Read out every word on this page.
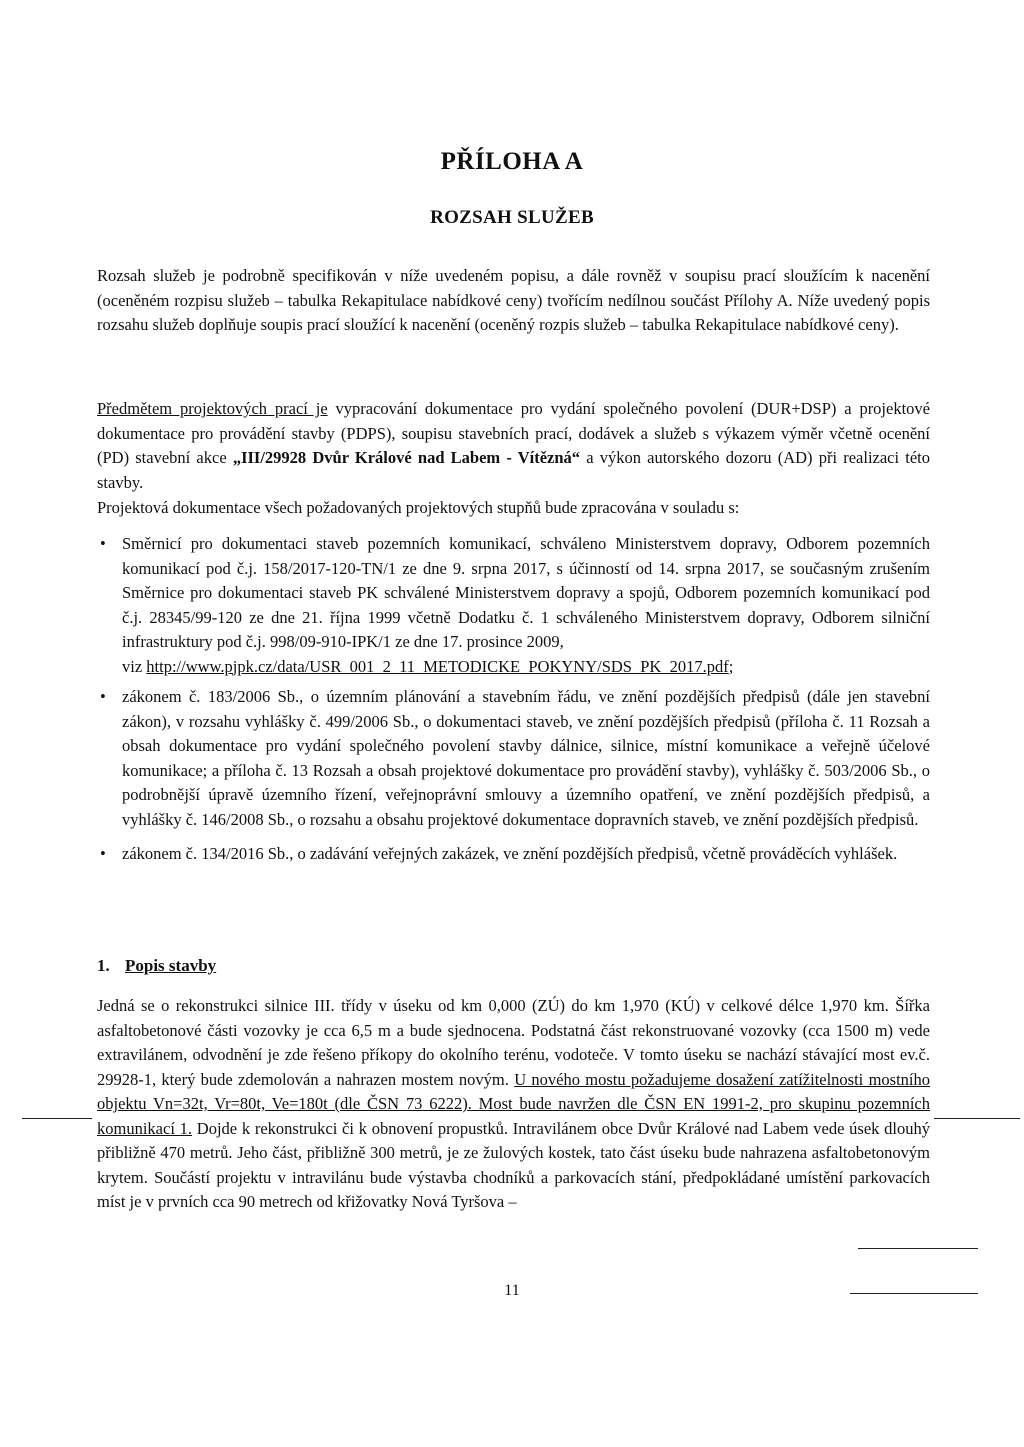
PŘÍLOHA A
ROZSAH SLUŽEB

Rozsah služeb je podrobně specifikován v níže uvedeném popisu, a dále rovněž v soupisu prací sloužícím k nacenění (oceněném rozpisu služeb – tabulka Rekapitulace nabídkové ceny) tvořícím nedílnou součást Přílohy A. Níže uvedený popis rozsahu služeb doplňuje soupis prací sloužící k nacenění (oceněný rozpis služeb – tabulka Rekapitulace nabídkové ceny).

Předmětem projektových prací je vypracování dokumentace pro vydání společného povolení (DUR+DSP) a projektové dokumentace pro provádění stavby (PDPS), soupisu stavebních prací, dodávek a služeb s výkazem výměr včetně ocenění (PD) stavební akce „III/29928 Dvůr Králové nad Labem - Vítězná“ a výkon autorského dozoru (AD) při realizaci této stavby.

Projektová dokumentace všech požadovaných projektových stupňů bude zpracována v souladu s:

• Směrnicí pro dokumentaci staveb pozemních komunikací, schváleno Ministerstvem dopravy, Odborem pozemních komunikací pod č.j. 158/2017-120-TN/1 ze dne 9. srpna 2017, s účinností od 14. srpna 2017, se současným zrušením Směrnice pro dokumentaci staveb PK schválené Ministerstvem dopravy a spojů, Odborem pozemních komunikací pod č.j. 28345/99-120 ze dne 21. října 1999 včetně Dodatku č. 1 schváleného Ministerstvem dopravy, Odborem silniční infrastruktury pod č.j. 998/09-910-IPK/1 ze dne 17. prosince 2009,
viz http://www.pjpk.cz/data/USR_001_2_11_METODICKE_POKYNY/SDS_PK_2017.pdf;
• zákonem č. 183/2006 Sb., o územním plánování a stavebním řádu, ve znění pozdějších předpisů (dále jen stavební zákon), v rozsahu vyhlášky č. 499/2006 Sb., o dokumentaci staveb, ve znění pozdějších předpisů (příloha č. 11 Rozsah a obsah dokumentace pro vydání společného povolení stavby dálnice, silnice, místní komunikace a veřejně účelové komunikace; a příloha č. 13 Rozsah a obsah projektové dokumentace pro provádění stavby), vyhlášky č. 503/2006 Sb., o podrobnější úpravě územního řízení, veřejnoprávní smlouvy a územního opatření, ve znění pozdějších předpisů, a vyhlášky č. 146/2008 Sb., o rozsahu a obsahu projektové dokumentace dopravních staveb, ve znění pozdějších předpisů.
• zákonem č. 134/2016 Sb., o zadávání veřejných zakázek, ve znění pozdějších předpisů, včetně prováděcích vyhlášek.
1. Popis stavby

Jedná se o rekonstrukci silnice III. třídy v úseku od km 0,000 (ZÚ) do km 1,970 (KÚ) v celkové délce 1,970 km. Šířka asfaltobetonové části vozovky je cca 6,5 m a bude sjednocena. Podstatná část rekonstruované vozovky (cca 1500 m) vede extravilánem, odvodnění je zde řešeno příkopy do okolního terénu, vodoteče. V tomto úseku se nachází stávající most ev.č. 29928-1, který bude zdemolován a nahrazen mostem novým. U nového mostu požadujeme dosažení zatížitelnosti mostního objektu Vn=32t, Vr=80t, Ve=180t (dle ČSN 73 6222). Most bude navržen dle ČSN EN 1991-2, pro skupinu pozemních komunikací 1. Dojde k rekonstrukci či k obnovení propustků. Intravilánem obce Dvůr Králové nad Labem vede úsek dlouhý přibližně 470 metrů. Jeho část, přibližně 300 metrů, je ze žulových kostek, tato část úseku bude nahrazena asfaltobetonovým krytem. Součástí projektu v intravilánu bude výstavba chodníků a parkovacích stání, předpokládané umístění parkovacích míst je v prvních cca 90 metrech od křižovatky Nová Tyršova –

11
